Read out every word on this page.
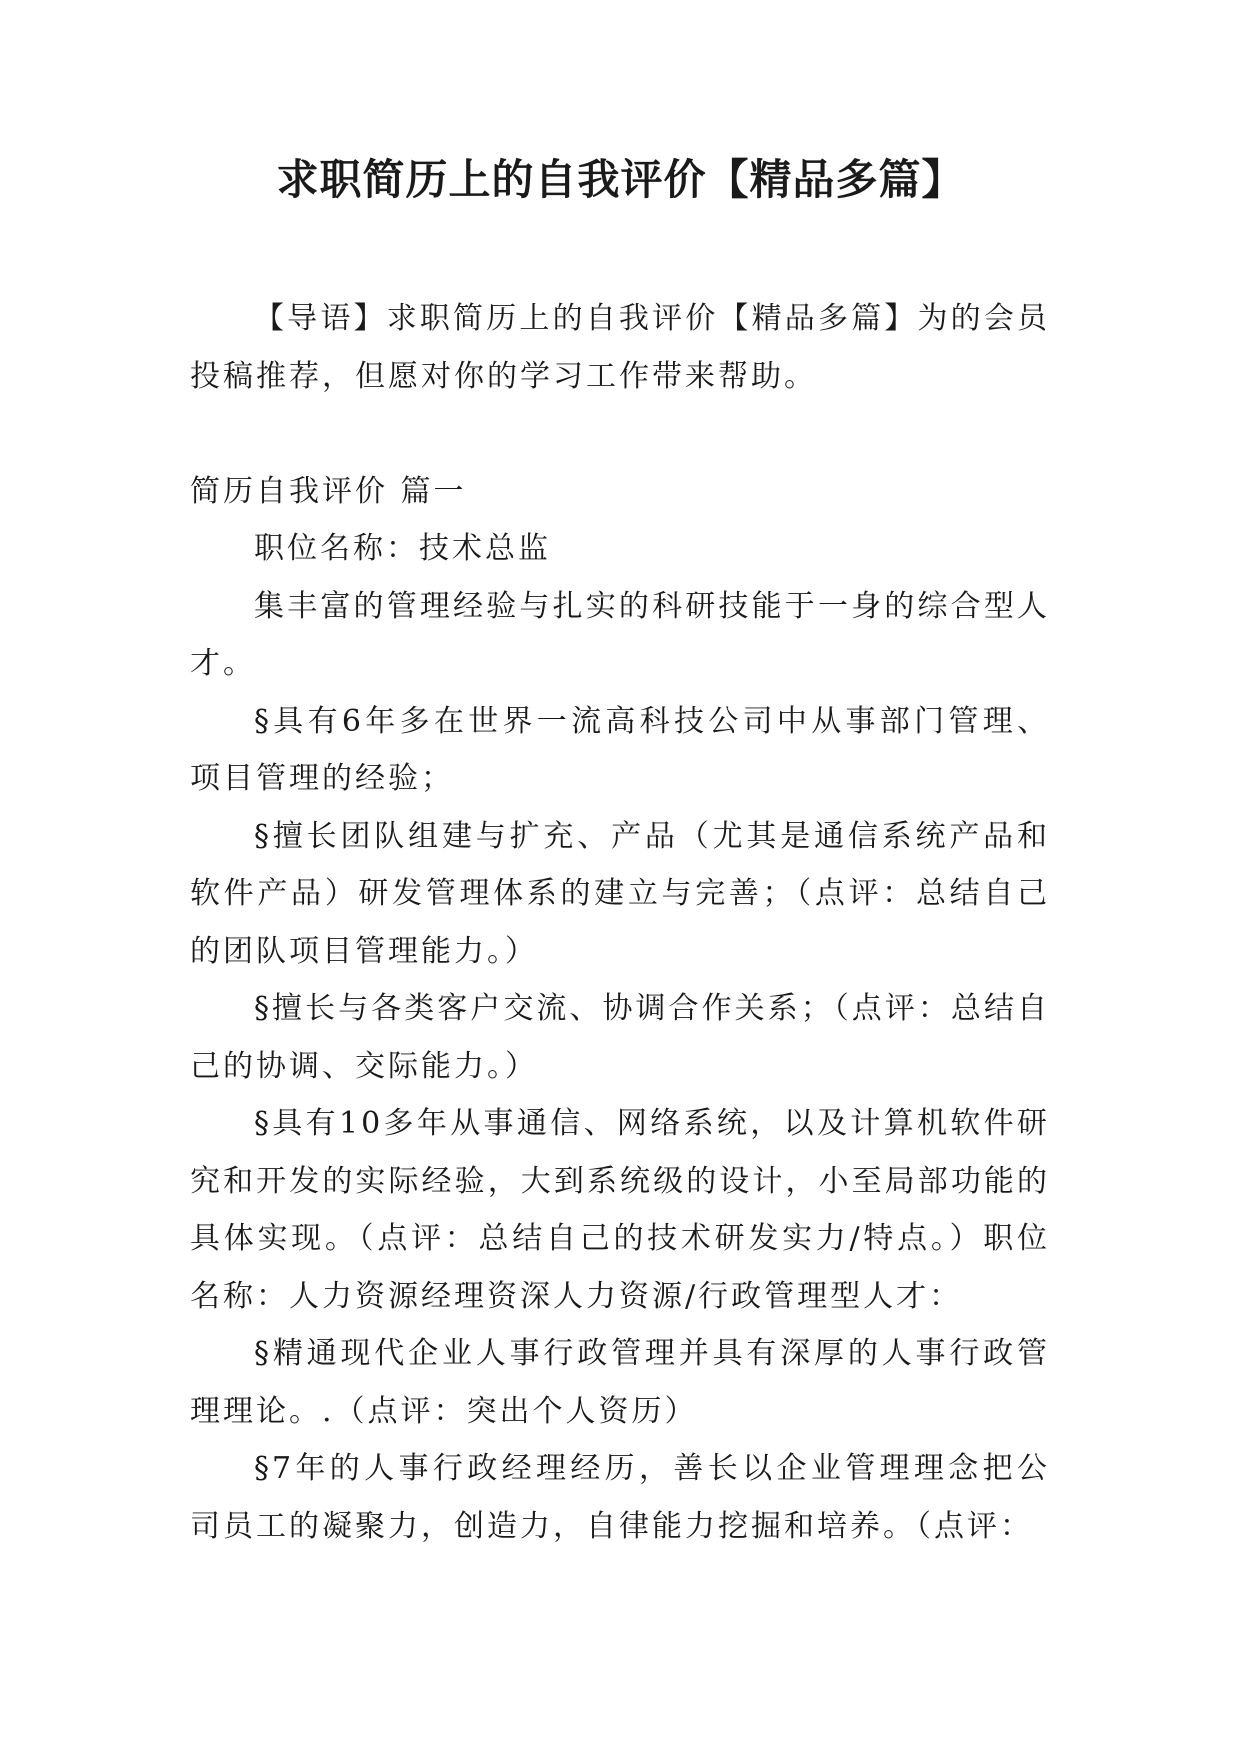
求职简历上的自我评价【精品多篇】

【导语】求职简历上的自我评价【精品多篇】为的会员投稿推荐，但愿对你的学习工作带来帮助。

简历自我评价 篇一

职位名称：技术总监

集丰富的管理经验与扎实的科研技能于一身的综合型人才。

§具有6年多在世界一流高科技公司中从事部门管理、项目管理的经验；

§擅长团队组建与扩充、产品（尤其是通信系统产品和软件产品）研发管理体系的建立与完善；（点评：总结自己的团队项目管理能力。）

§擅长与各类客户交流、协调合作关系；（点评：总结自己的协调、交际能力。）

§具有10多年从事通信、网络系统，以及计算机软件研究和开发的实际经验，大到系统级的设计，小至局部功能的具体实现。（点评：总结自己的技术研发实力/特点。）职位名称：人力资源经理资深人力资源/行政管理型人才：

§精通现代企业人事行政管理并具有深厚的人事行政管理理论。.（点评：突出个人资历）

§7年的人事行政经理经历，善长以企业管理理念把公司员工的凝聚力，创造力，自律能力挖掘和培养。（点评：
